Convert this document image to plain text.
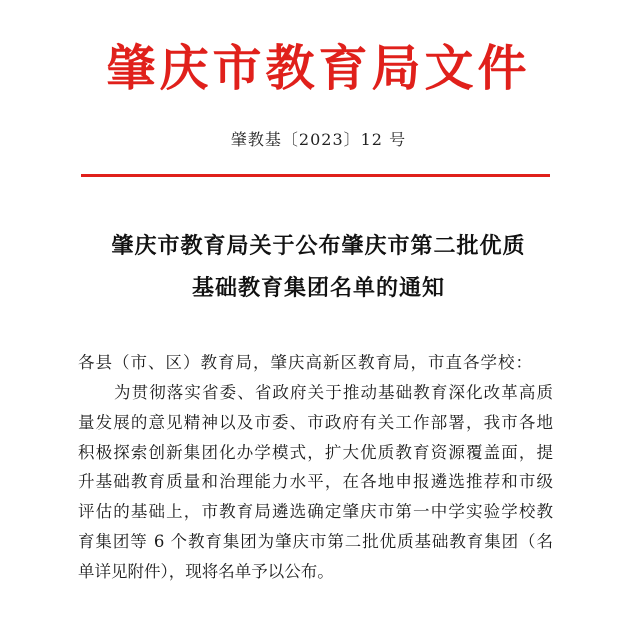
肇庆市教育局文件
肇教基〔2023〕12 号
肇庆市教育局关于公布肇庆市第二批优质
基础教育集团名单的通知
各县（市、区）教育局，肇庆高新区教育局，市直各学校：
为贯彻落实省委、省政府关于推动基础教育深化改革高质
量发展的意见精神以及市委、市政府有关工作部署，我市各地
积极探索创新集团化办学模式，扩大优质教育资源覆盖面，提
升基础教育质量和治理能力水平，在各地申报遴选推荐和市级
评估的基础上，市教育局遴选确定肇庆市第一中学实验学校教
育集团等 6 个教育集团为肇庆市第二批优质基础教育集团（名
单详见附件），现将名单予以公布。
